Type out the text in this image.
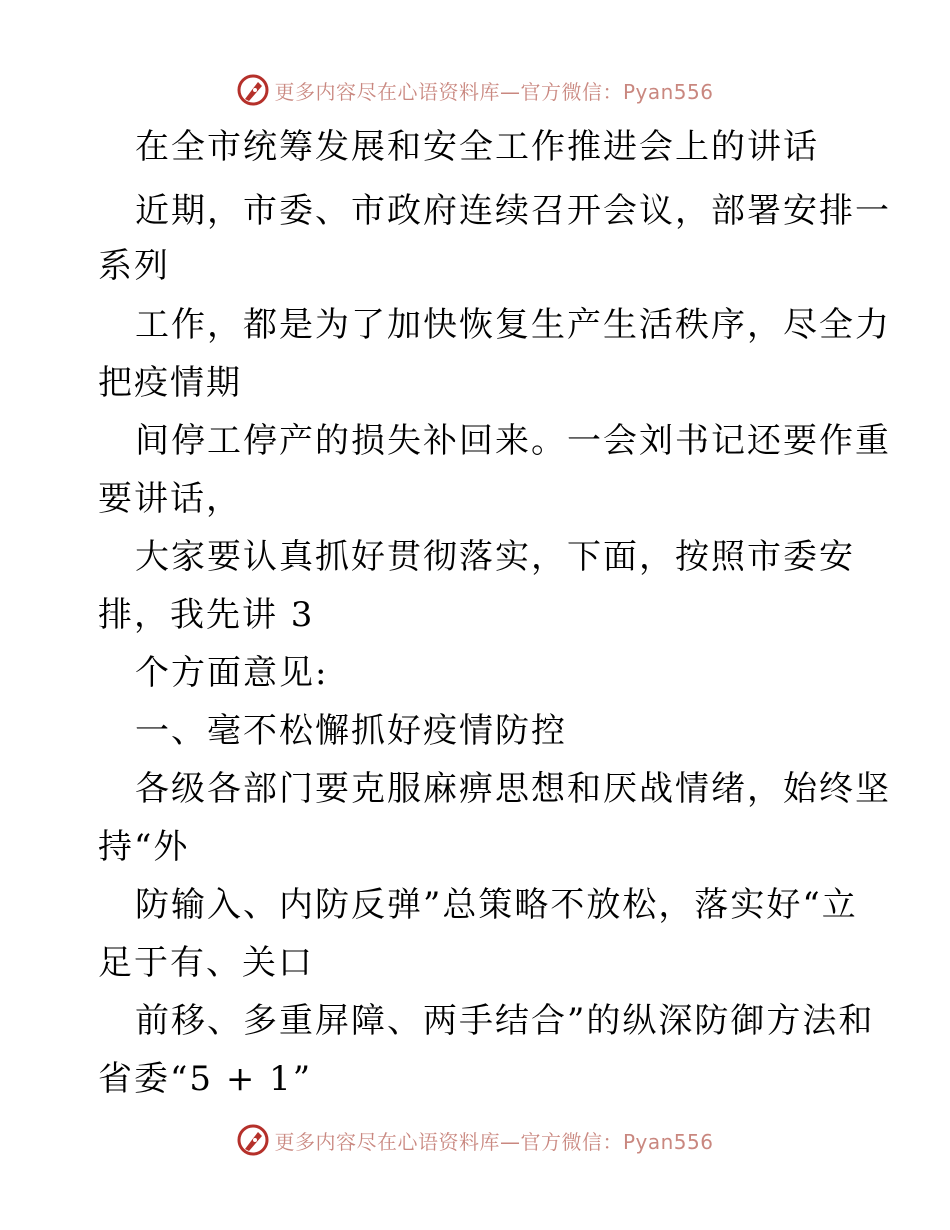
更多内容尽在心语资料库—官方微信：Pyan556
在全市统筹发展和安全工作推进会上的讲话
近期，市委、市政府连续召开会议，部署安排一
系列
工作，都是为了加快恢复生产生活秩序，尽全力
把疫情期
间停工停产的损失补回来。一会刘书记还要作重
要讲话，
大家要认真抓好贯彻落实，下面，按照市委安
排，我先讲 3
个方面意见:
一、毫不松懈抓好疫情防控
各级各部门要克服麻痹思想和厌战情绪，始终坚
持“外
防输入、内防反弹”总策略不放松，落实好“立
足于有、关口
前移、多重屏障、两手结合”的纵深防御方法和
省委“5 + 1”
更多内容尽在心语资料库—官方微信：Pyan556
